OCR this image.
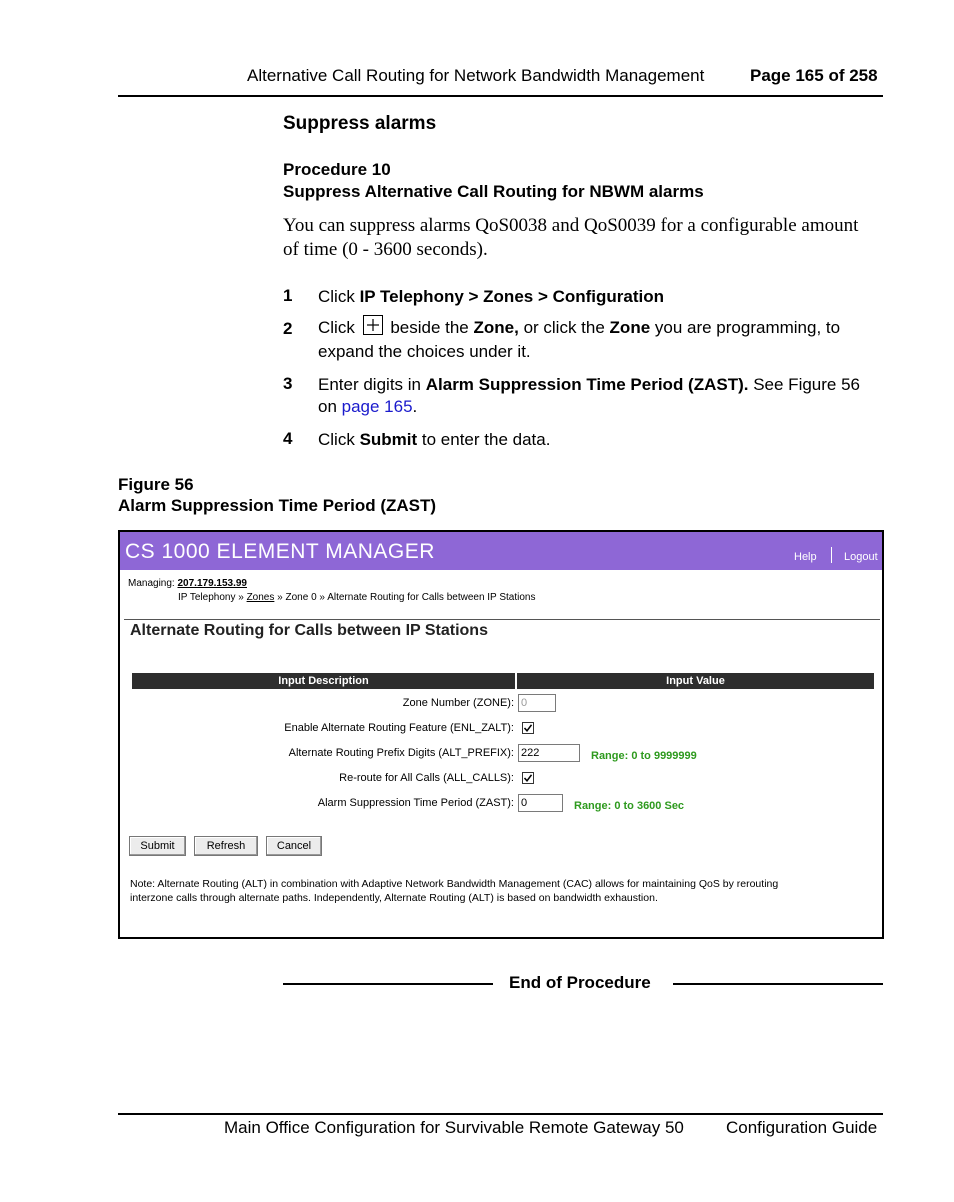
Alternative Call Routing for Network Bandwidth Management	Page 165 of 258
Suppress alarms
Procedure 10
Suppress Alternative Call Routing for NBWM alarms
You can suppress alarms QoS0038 and QoS0039 for a configurable amount
of time (0 - 3600 seconds).
1 Click IP Telephony > Zones > Configuration
2 Click beside the Zone, or click the Zone you are programming, to
expand the choices under it.
3 Enter digits in Alarm Suppression Time Period (ZAST). See Figure 56
on page 165.
4 Click Submit to enter the data.
Figure 56
Alarm Suppression Time Period (ZAST)
CS 1000 ELEMENT MANAGER	Help Logout
Managing: 207.179.153.99
IP Telephony » Zones » Zone 0 » Alternate Routing for Calls between IP Stations
Alternate Routing for Calls between IP Stations
Input Description	Input Value
Zone Number (ZONE): 0
Enable Alternate Routing Feature (ENL_ZALT):
Alternate Routing Prefix Digits (ALT_PREFIX): 222	Range: 0 to 9999999
Re-route for All Calls (ALL_CALLS):
Alarm Suppression Time Period (ZAST): 0	Range: 0 to 3600 Sec
Submit	Refresh	Cancel
Note: Alternate Routing (ALT) in combination with Adaptive Network Bandwidth Management (CAC) allows for maintaining QoS by rerouting
interzone calls through alternate paths. Independently, Alternate Routing (ALT) is based on bandwidth exhaustion.
End of Procedure
Main Office Configuration for Survivable Remote Gateway 50 Configuration Guide
